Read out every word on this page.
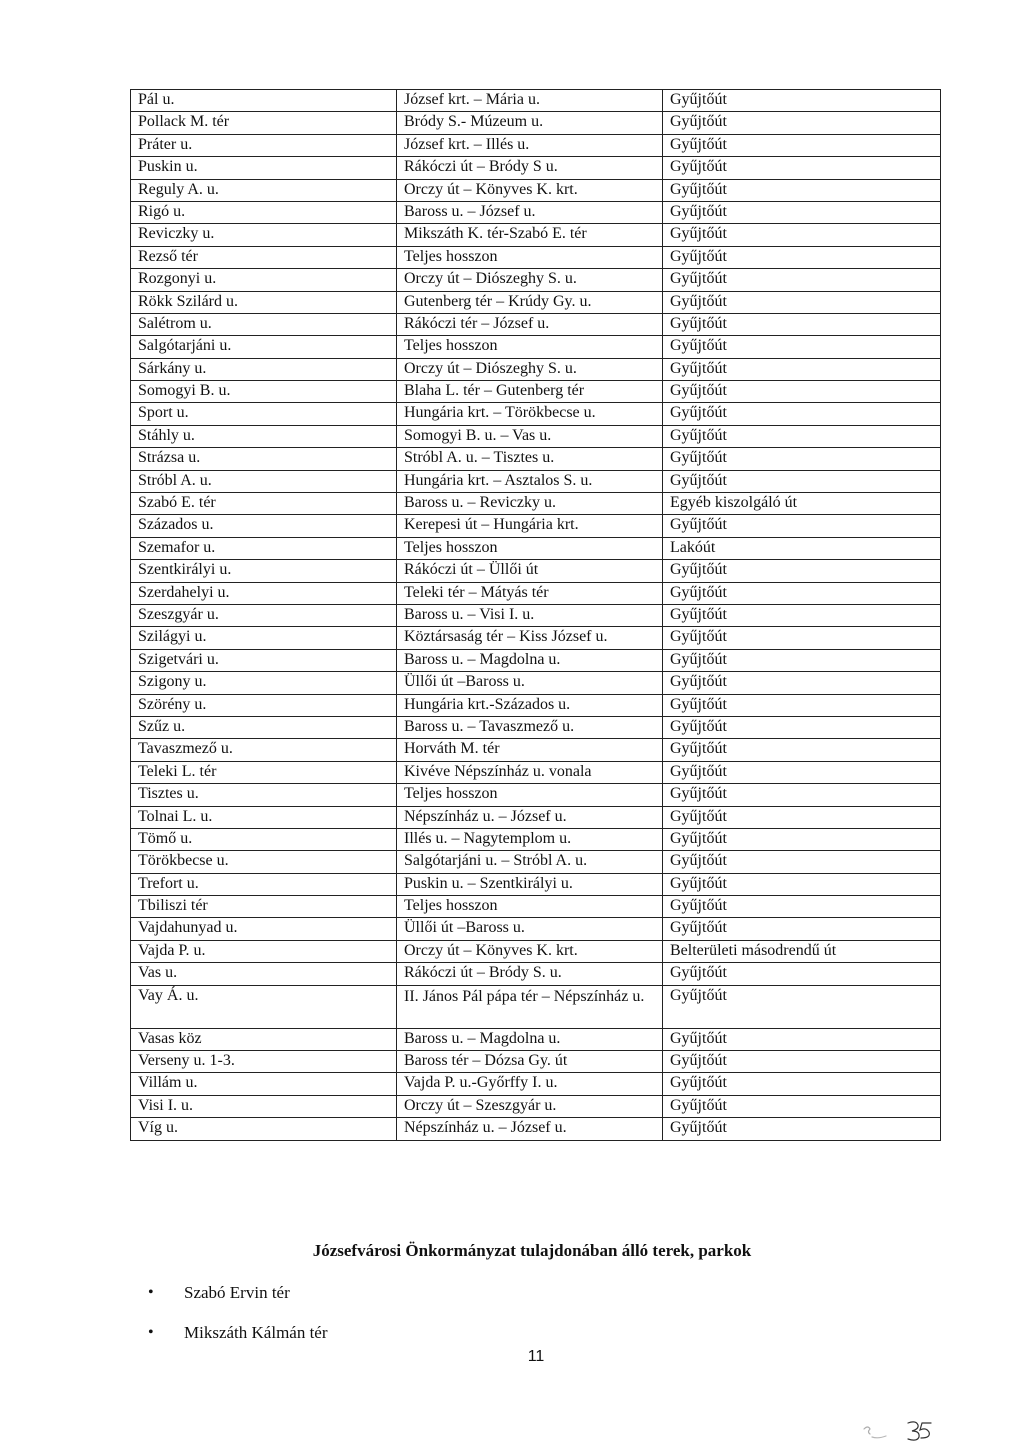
Pál u.	József krt. – Mária u.	Gyűjtőút
Pollack M. tér	Bródy S.- Múzeum u.	Gyűjtőút
Práter u.	József krt. – Illés u.	Gyűjtőút
Puskin u.	Rákóczi út – Bródy S u.	Gyűjtőút
Reguly A. u.	Orczy út – Könyves K. krt.	Gyűjtőút
Rigó u.	Baross u. – József u.	Gyűjtőút
Reviczky u.	Mikszáth K. tér-Szabó E. tér	Gyűjtőút
Rezső tér	Teljes hosszon	Gyűjtőút
Rozgonyi u.	Orczy út – Diószeghy S. u.	Gyűjtőút
Rökk Szilárd u.	Gutenberg tér – Krúdy Gy. u.	Gyűjtőút
Salétrom u.	Rákóczi tér – József u.	Gyűjtőút
Salgótarjáni u.	Teljes hosszon	Gyűjtőút
Sárkány u.	Orczy út – Diószeghy S. u.	Gyűjtőút
Somogyi B. u.	Blaha L. tér – Gutenberg tér	Gyűjtőút
Sport u.	Hungária krt. – Törökbecse u.	Gyűjtőút
Stáhly u.	Somogyi B. u. – Vas u.	Gyűjtőút
Strázsa u.	Stróbl A. u. – Tisztes u.	Gyűjtőút
Stróbl A. u.	Hungária krt. – Asztalos S. u.	Gyűjtőút
Szabó E. tér	Baross u. – Reviczky u.	Egyéb kiszolgáló út
Százados u.	Kerepesi út – Hungária krt.	Gyűjtőút
Szemafor u.	Teljes hosszon	Lakóút
Szentkirályi u.	Rákóczi út – Üllői út	Gyűjtőút
Szerdahelyi u.	Teleki tér – Mátyás tér	Gyűjtőút
Szeszgyár u.	Baross u. – Visi I. u.	Gyűjtőút
Szilágyi u.	Köztársaság tér – Kiss József u.	Gyűjtőút
Szigetvári u.	Baross u. – Magdolna u.	Gyűjtőút
Szigony u.	Üllői út –Baross u.	Gyűjtőút
Szörény u.	Hungária krt.-Százados u.	Gyűjtőút
Szűz u.	Baross u. – Tavaszmező u.	Gyűjtőút
Tavaszmező u.	Horváth M. tér	Gyűjtőút
Teleki L. tér	Kivéve Népszínház u. vonala	Gyűjtőút
Tisztes u.	Teljes hosszon	Gyűjtőút
Tolnai L. u.	Népszínház u. – József u.	Gyűjtőút
Tömő u.	Illés u. – Nagytemplom u.	Gyűjtőút
Törökbecse u.	Salgótarjáni u. – Stróbl A. u.	Gyűjtőút
Trefort u.	Puskin u. – Szentkirályi u.	Gyűjtőút
Tbiliszi tér	Teljes hosszon	Gyűjtőút
Vajdahunyad u.	Üllői út –Baross u.	Gyűjtőút
Vajda P. u.	Orczy út – Könyves K. krt.	Belterületi másodrendű út
Vas u.	Rákóczi út – Bródy S. u.	Gyűjtőút
Vay Á. u.	II. János Pál pápa tér – Népszínház u.	Gyűjtőút
Vasas köz	Baross u. – Magdolna u.	Gyűjtőút
Verseny u. 1-3.	Baross tér – Dózsa Gy. út	Gyűjtőút
Villám u.	Vajda P. u.-Győrffy I. u.	Gyűjtőút
Visi I. u.	Orczy út – Szeszgyár u.	Gyűjtőút
Víg u.	Népszínház u. – József u.	Gyűjtőút
Józsefvárosi Önkormányzat tulajdonában álló terek, parkok
• Szabó Ervin tér
• Mikszáth Kálmán tér
11
